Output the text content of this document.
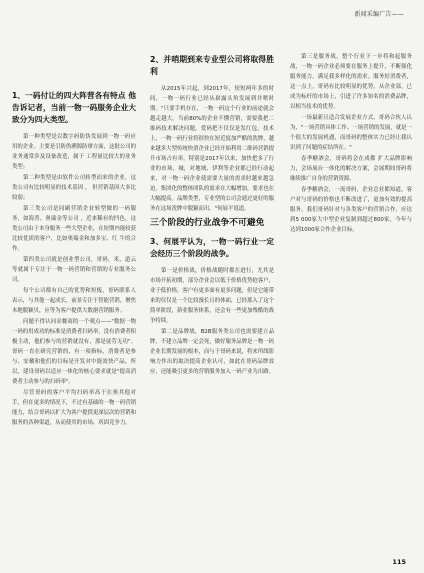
新闻采编广告——
1、一码付让的四大阵营各有特点 他告诉记者，当前一物一码服务企业大致分为四大类型。

第一种类型是以数字码防伪发展到一物一码应用的企业。主要是引防伪溯源防窜方面，这批公司的业务通常涉及设备改造，属于 工程量比较大的业务类型；

第二种类型是由软件公司转型而来的企业，这类公司有比较明显的技术基因 ， 但营销基因大多比较弱；

第三类公司是同刷营销企业转型做的一码服务，如海普、奥瑞金等公司 ，近来稀有的凹色，这类公司由于本身服务一些大型企业，在短期内能较获比较优质的客户，比如奥瑞金和加多宝、红 牛的合作。

第四类公司就是创业型公司，哥码，米，道云等就属于专注于一物一码营销和营销的专业服务公司。

每个公司都有自己的优势和短板，哥码联系人表示，与其他一起成长，前景专注于智能营销，聚焦本地脱颖贝，应等为客户提供大数据营销服务。

问题不得认同采餐商的一个观点——"数据一物一码的用成功的标准是消费者扫码率，没有消费者积极主动，他们参与的营销就没有，那是徒劳无功"。哥码一直在研究营销的，有一项指标，消费者是参与、安徽和他们的目标是开发对中能效快产品，所以，建设哥码以适应一体化的核心要求就是"提高消费者主动参与的扫码率"。

尽管哥码的客户平均扫码率高于在奥其他对手，但在更多的情况下，不过有基础的一物一码营销能力，结合哥码以扩大为客户提供更深层次的营销和服务的各种渠道，从而使其的市场、巩固竞争力。

2、并哨期到来专业型公司将取得胜利

从2015年兴起，到2017年，短短两年多的时间，一物一码行业已经从崭露头角发展到井喷时期。"只要手机存在，一物一码这个行业的前途就会越走越大。当前80%的企业不懂营销，需要我把二维码技术解决问题，爱码把不仅仅是发红包，技术上，一物一码行业将很快在短近度加严酷的洗牌，越来越多大型传统快消企业已经开始利用二维码营销提升市场占有率。特别是2017年以来，加快把多了行业的市场，城，对地域、伊利等企业都已经行动起来，对一物一码企业使需要大量的需求时越来越急迫，集团化的整体团队的需求在大幅增加，要求也在大幅提高。品牌类型，专业型的公司会通过更好的服务在这场洗牌中脱颖而出。"何展平说道。

三个阶段的行业战争不可避免
3、何展平认为，一物一码行业一定会经历三个阶段的战争。

第一是价格战，价格战随时都在进行，尤其是市场开拓初期，部分企业会以低于价格优势抢客户，业于低价格，客户有更多面有更多问题，但是它能带来的仅仅是一个比较漫长且的体面，已经那入了这个简单阶段，新业服务体系，还会有一些更加残酷的战争持续。

第二是品牌战，B2B服务类公司也需要建立品牌，不建立品牌一定会死，做好服务品牌是一物一码企业长期发展的根本，而与于哥码来说，将来所线影响力作出的取决提高企业认可，如此在哥码品牌效应，还能吸引更多的营销服务加入一码产业为出路。

第三是服务战，整个行业下一步将和起服务战，一物一码企业必须要在服务上提升，不断强化服务能力，满足我多样化的需求。服务好消费者，这一点上，哥码有比较明显的优势，从企业部，已成为标杆的市场上，引进了许多知名的消费品牌，以相当技术的优势。

一场最新且适合发展企业方式、哥码合伙人认为，"一场营销具体工作、一场营销的发展，就是一个很大的发展机遇，而哥码的整体实力已经让我认识到了问题的症结所在。"

春季糖酒会，哥码将会在成都 扩大品牌影响力，会场展台一体化的解决方案，会展期间哥码将继续推广自身的营销资源。

春季糖酒会，一流哥码，企业总业都知道，客户对与哥码的价格也不断改进了，更加有效的提高服务，我们哥码针对与各类客户的营销合作，应达到5 000家大中型企业复制到超过800家，今年与达到1000家合作企业目标。

115
